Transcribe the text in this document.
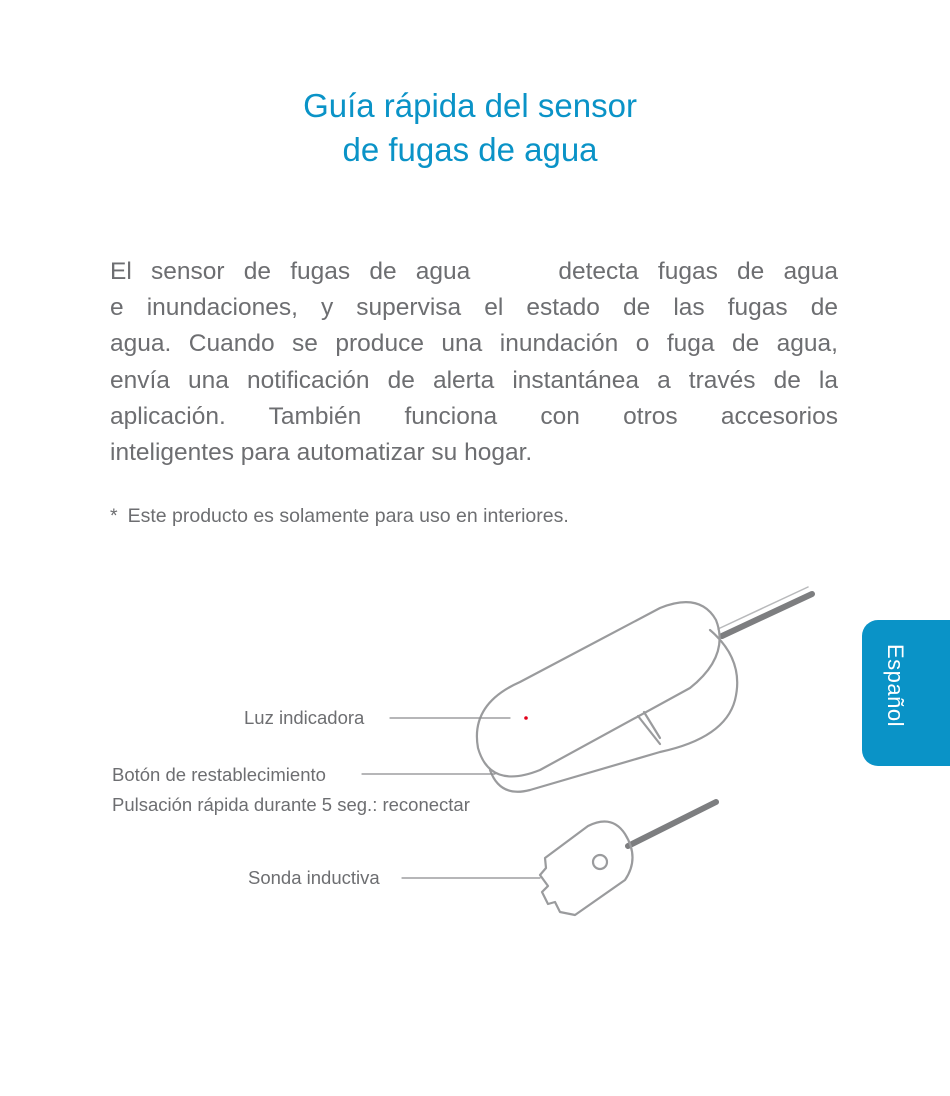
Guía rápida del sensor
de fugas de agua

El sensor de fugas de agua	detecta fugas de agua
e inundaciones, y supervisa el estado de las fugas de
agua. Cuando se produce una inundación o fuga de agua,
envía una notificación de alerta instantánea a través de la
aplicación. También funciona con otros accesorios
inteligentes para automatizar su hogar.

* Este producto es solamente para uso en interiores.

Luz indicadora
Botón de restablecimiento
Pulsación rápida durante 5 seg.: reconectar
Sonda inductiva
Español
